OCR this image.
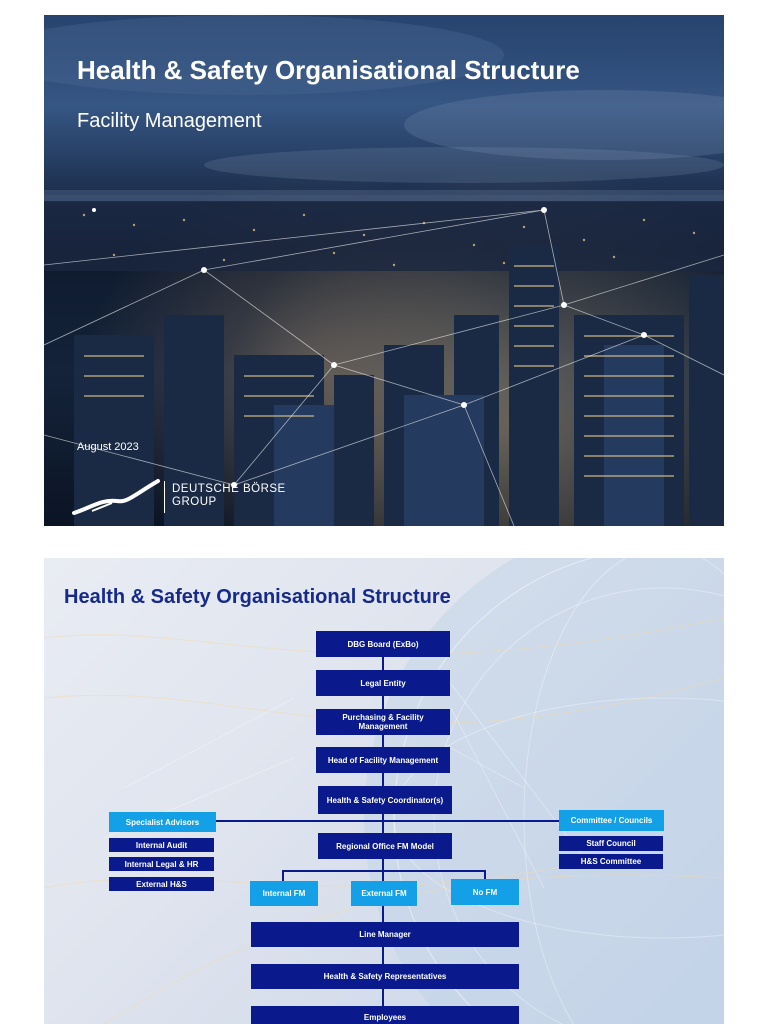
Health & Safety Organisational Structure
Facility Management
August 2023
DEUTSCHE BÖRSE
GROUP
Health & Safety Organisational Structure
DBG Board (ExBo)
Legal Entity
Purchasing & Facility Management
Head of Facility Management
Health & Safety Coordinator(s)
Regional Office FM Model
Specialist Advisors
Internal Audit
Internal Legal & HR
External H&S
Committee / Councils
Staff Council
H&S Committee
Internal FM	External FM	No FM
Line Manager
Health & Safety Representatives
Employees
